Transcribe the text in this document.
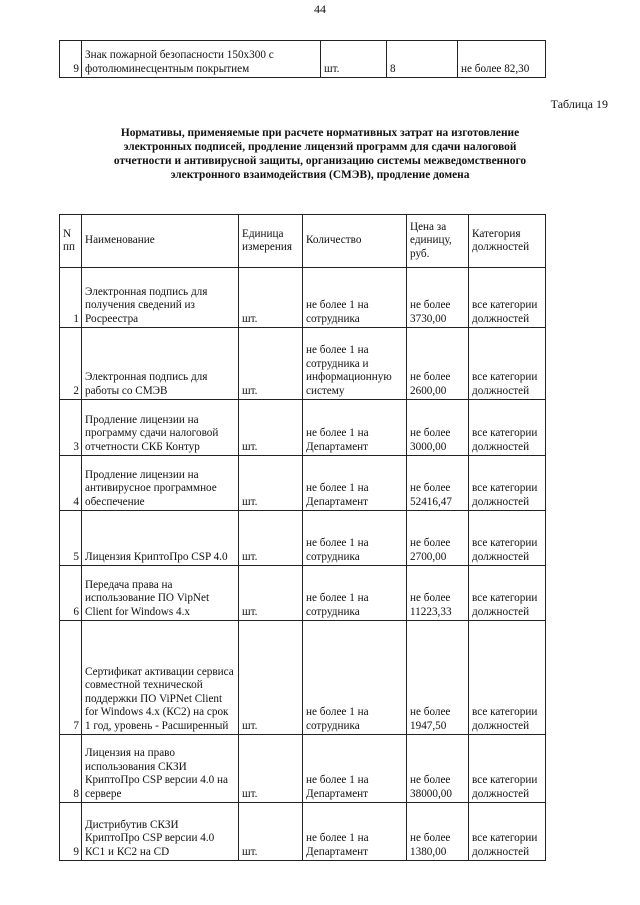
44
9	Знак пожарной безопасности 150х300 с фотолюминесцентным покрытием	шт.	8	не более 82,30
Таблица 19
Нормативы, применяемые при расчете нормативных затрат на изготовление электронных подписей, продление лицензий программ для сдачи налоговой отчетности и антивирусной защиты, организацию системы межведомственного электронного взаимодействия (СМЭВ), продление домена
N пп	Наименование	Единица измерения	Количество	Цена за единицу, руб.	Категория должностей
1	Электронная подпись для получения сведений из Росреестра	шт.	не более 1 на сотрудника	не более 3730,00	все категории должностей
2	Электронная подпись для работы со СМЭВ	шт.	не более 1 на сотрудника и информационную систему	не более 2600,00	все категории должностей
3	Продление лицензии на программу сдачи налоговой отчетности СКБ Контур	шт.	не более 1 на Департамент	не более 3000,00	все категории должностей
4	Продление лицензии на антивирусное программное обеспечение	шт.	не более 1 на Департамент	не более 52416,47	все категории должностей
5	Лицензия КриптоПро CSP 4.0	шт.	не более 1 на сотрудника	не более 2700,00	все категории должностей
6	Передача права на использование ПО VipNet Client for Windows 4.x	шт.	не более 1 на сотрудника	не более 11223,33	все категории должностей
7	Сертификат активации сервиса совместной технической поддержки ПО ViPNet Client for Windows 4.x (КС2) на срок 1 год, уровень - Расширенный	шт.	не более 1 на сотрудника	не более 1947,50	все категории должностей
8	Лицензия на право использования СКЗИ КриптоПро CSP версии 4.0 на сервере	шт.	не более 1 на Департамент	не более 38000,00	все категории должностей
9	Дистрибутив СКЗИ КриптоПро CSP версии 4.0 КС1 и КС2 на CD	шт.	не более 1 на Департамент	не более 1380,00	все категории должностей
